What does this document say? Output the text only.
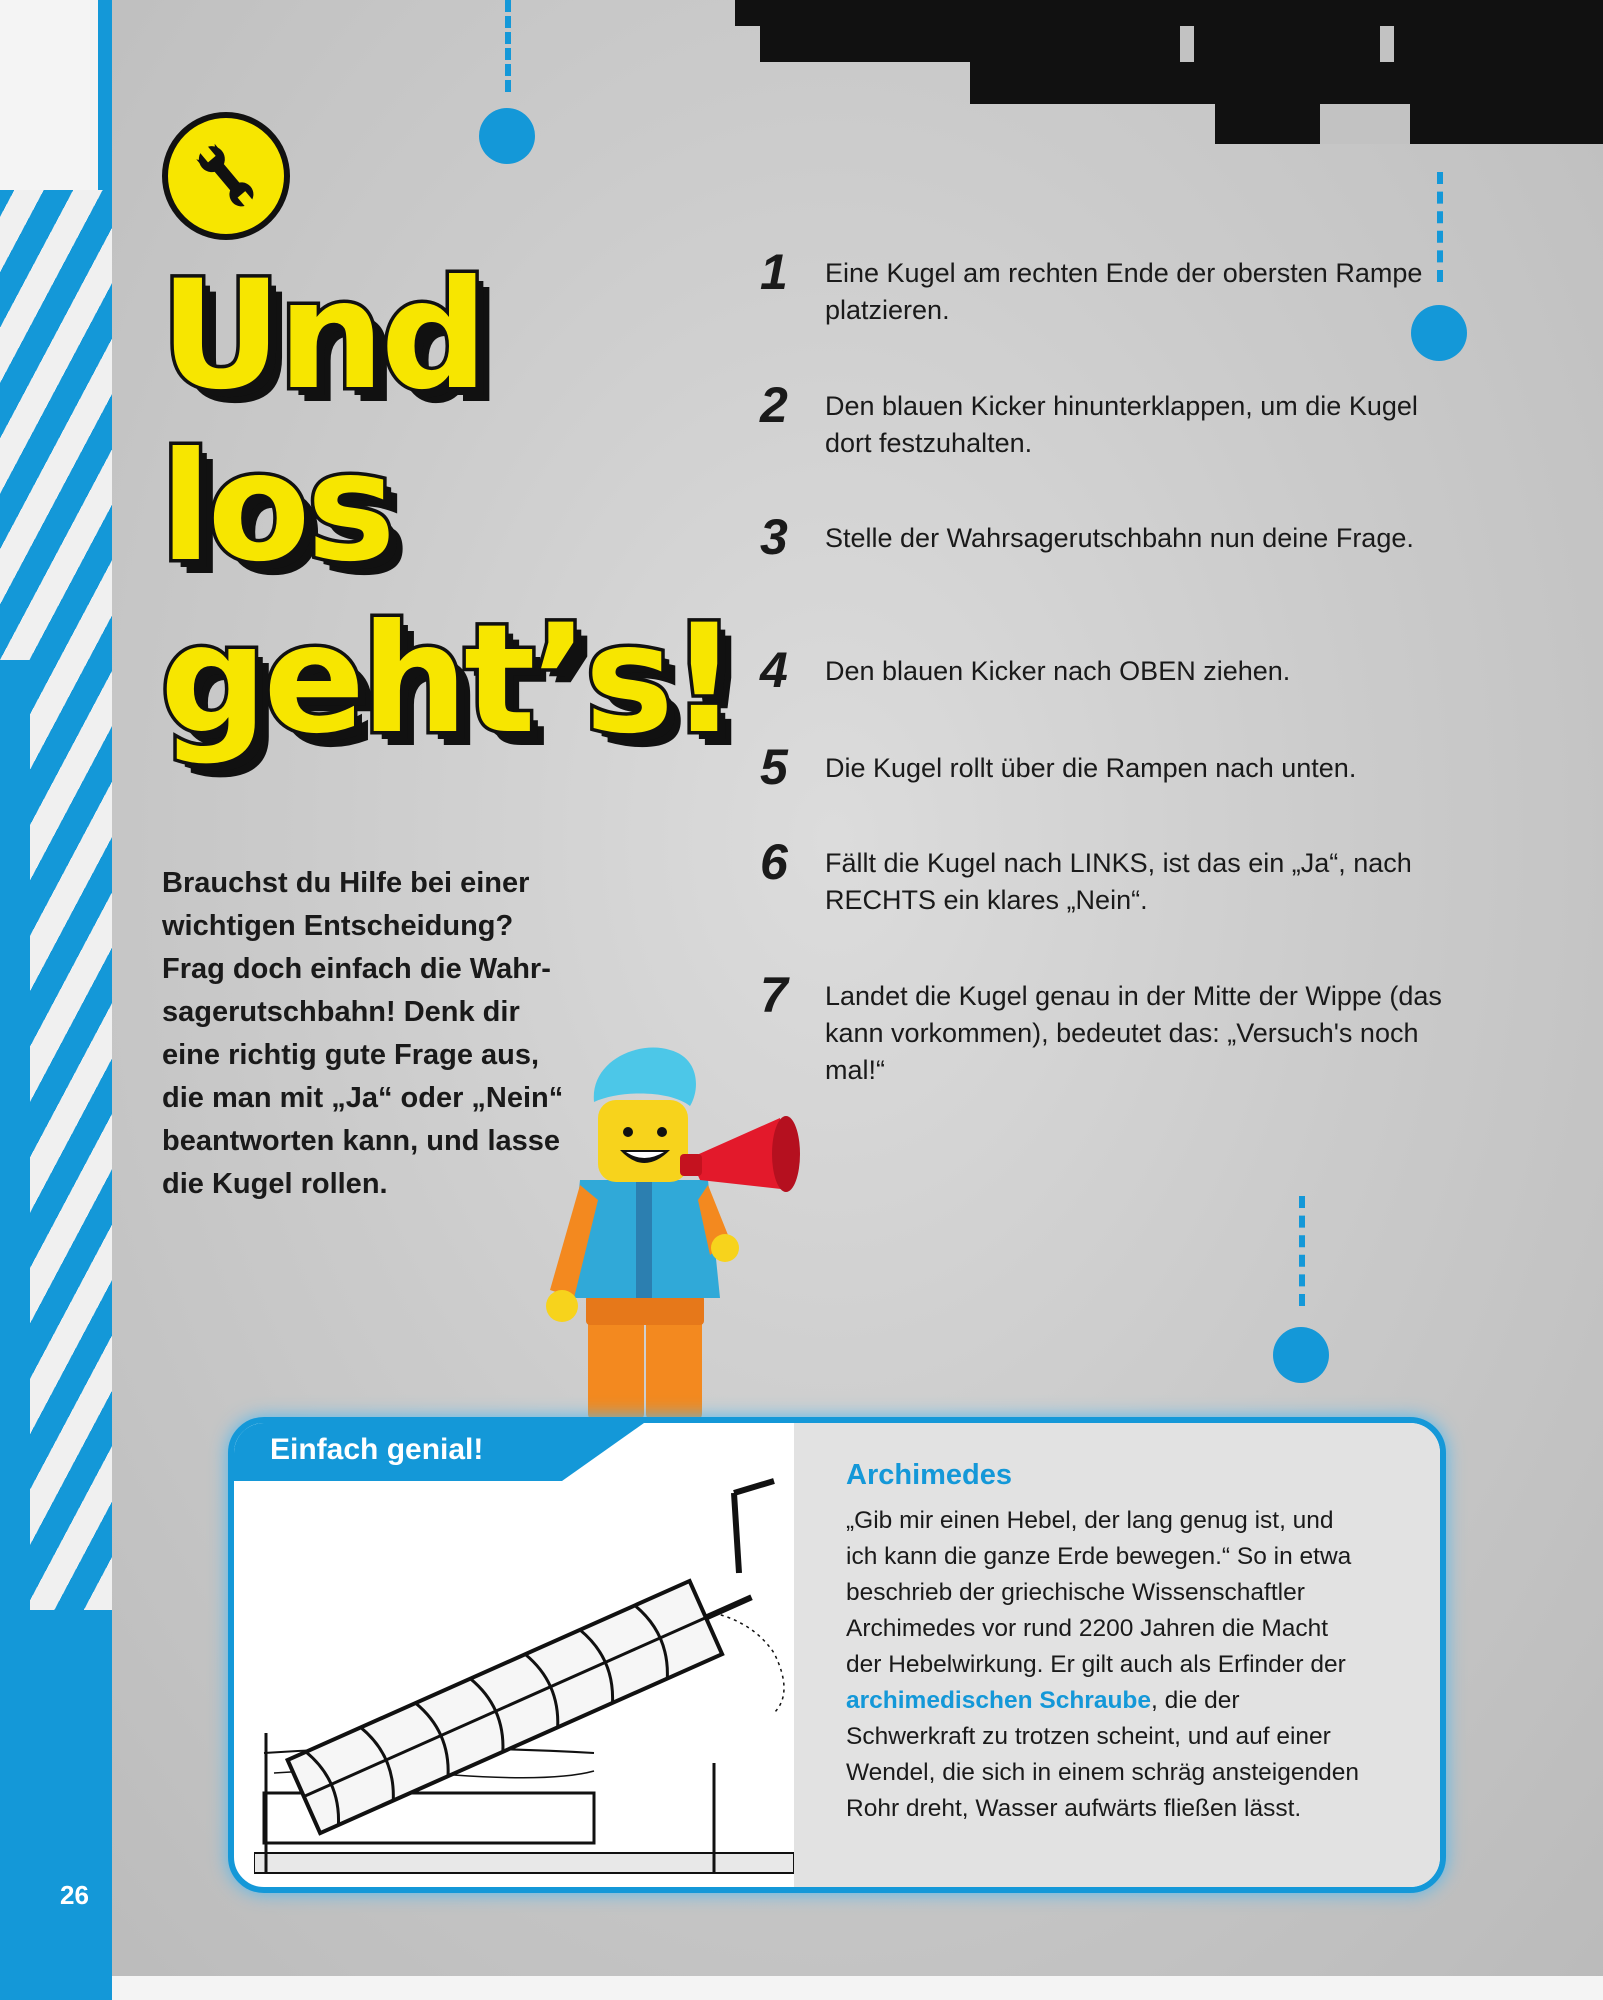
26
Und
los
geht’s!

Brauchst du Hilfe bei einer wichtigen Entscheidung? Frag doch einfach die Wahrsagerutschbahn! Denk dir eine richtig gute Frage aus, die man mit „Ja“ oder „Nein“ beantworten kann, und lasse die Kugel rollen.

1 Eine Kugel am rechten Ende der obersten Rampe platzieren.
2 Den blauen Kicker hinunterklappen, um die Kugel dort festzuhalten.
3 Stelle der Wahrsagerutschbahn nun deine Frage.
4 Den blauen Kicker nach OBEN ziehen.
5 Die Kugel rollt über die Rampen nach unten.
6 Fällt die Kugel nach LINKS, ist das ein „Ja“, nach RECHTS ein klares „Nein“.
7 Landet die Kugel genau in der Mitte der Wippe (das kann vorkommen), bedeutet das: „Versuch's noch mal!“
Einfach genial!
Archimedes

„Gib mir einen Hebel, der lang genug ist, und ich kann die ganze Erde bewegen.“ So in etwa beschrieb der griechische Wissenschaftler Archimedes vor rund 2200 Jahren die Macht der Hebelwirkung. Er gilt auch als Erfinder der archimedischen Schraube, die der Schwerkraft zu trotzen scheint, und auf einer Wendel, die sich in einem schräg ansteigenden Rohr dreht, Wasser aufwärts fließen lässt.
